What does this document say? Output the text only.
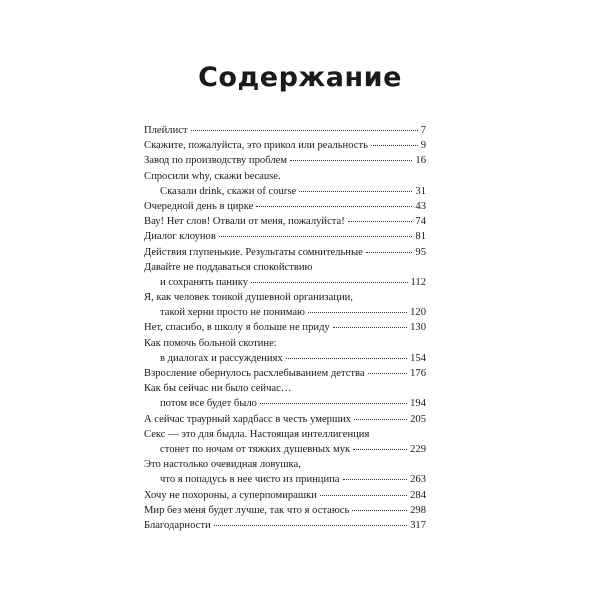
Содержание
Плейлист	7
Скажите, пожалуйста, это прикол или реальность	9
Завод по производству проблем	16
Спросили why, скажи because.
Сказали drink, скажи of course	31
Очередной день в цирке	43
Вау! Нет слов! Отвали от меня, пожалуйста!	74
Диалог клоунов	81
Действия глупенькие. Результаты сомнительные	95
Давайте не поддаваться спокойствию
и сохранять панику	112
Я, как человек тонкой душевной организации,
такой херни просто не понимаю	120
Нет, спасибо, в школу я больше не приду	130
Как помочь больной скотине:
в диалогах и рассуждениях	154
Взросление обернулось расхлебыванием детства	176
Как бы сейчас ни было сейчас…
потом все будет было	194
А сейчас траурный хардбасс в честь умерших	205
Секс — это для быдла. Настоящая интеллигенция
стонет по ночам от тяжких душевных мук	229
Это настолько очевидная ловушка,
что я попадусь в нее чисто из принципа	263
Хочу не похороны, а суперпомирашки	284
Мир без меня будет лучше, так что я остаюсь	298
Благодарности	317
